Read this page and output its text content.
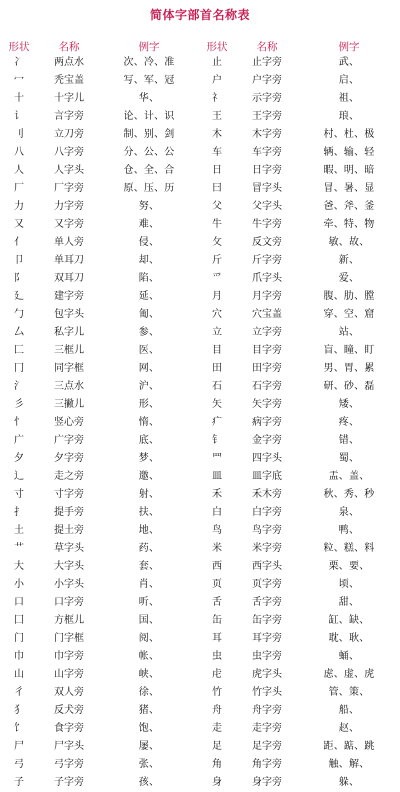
简体字部首名称表
形状	名称	例字	形状	名称	例字
冫	两点水	次、冷、准	止	止字旁	武、
冖	秃宝盖	写、军、冠	户	户字旁	启、
十	十字儿	华、	礻	示字旁	祖、
讠	言字旁	论、计、识	王	王字旁	琅、
刂	立刀旁	制、别、剑	木	木字旁	村、杜、极
八	八字旁	分、公、公	车	车字旁	辆、输、轻
人	人字头	仓、全、合	日	日字旁	暇、明、暗
厂	厂字旁	原、压、历	曰	冒字头	冒、暑、显
力	力字旁	努、	父	父字头	爸、斧、釜
又	又字旁	难、	牛	牛字旁	牵、特、物
亻	单人旁	侵、	攵	反文旁	敏、故、
卩	单耳刀	却、	斤	斤字旁	新、
阝	双耳刀	陷、	爫	爪字头	爱、
廴	建字旁	延、	月	月字旁	腹、肋、膛
勹	包字头	匍、	穴	穴宝盖	穿、空、窟
厶	私字儿	参、	立	立字旁	站、
匚	三框儿	医、	目	目字旁	盲、瞳、盯
冂	同字框	网、	田	田字旁	男、胃、累
氵	三点水	沪、	石	石字旁	研、砂、磊
彡	三撇儿	形、	矢	矢字旁	矮、
忄	竖心旁	惰、	疒	病字旁	疼、
广	广字旁	底、	钅	金字旁	错、
夕	夕字旁	梦、	罒	四字头	蜀、
辶	走之旁	邀、	皿	皿字底	盂、盖、
寸	寸字旁	射、	禾	禾木旁	秋、秀、秒
扌	提手旁	扶、	白	白字旁	泉、
土	提土旁	地、	鸟	鸟字旁	鸭、
艹	草字头	药、	米	米字旁	粒、糕、料
大	大字头	套、	西	西字头	栗、要、
小	小字头	肖、	页	页字旁	顷、
口	口字旁	听、	舌	舌字旁	甜、
囗	方框儿	国、	缶	缶字旁	缸、缺、
门	门字框	阅、	耳	耳字旁	耽、耿、
巾	巾字旁	帐、	虫	虫字旁	蛹、
山	山字旁	峡、	虍	虎字头	虑、虚、虎
彳	双人旁	徐、	竹	竹字头	管、策、
犭	反犬旁	猪、	舟	舟字旁	船、
饣	食字旁	饱、	走	走字旁	赵、
尸	尸字头	屡、	足	足字旁	距、踮、跳
弓	弓字旁	张、	角	角字旁	触、解、
子	子字旁	孩、	身	身字旁	躲、
